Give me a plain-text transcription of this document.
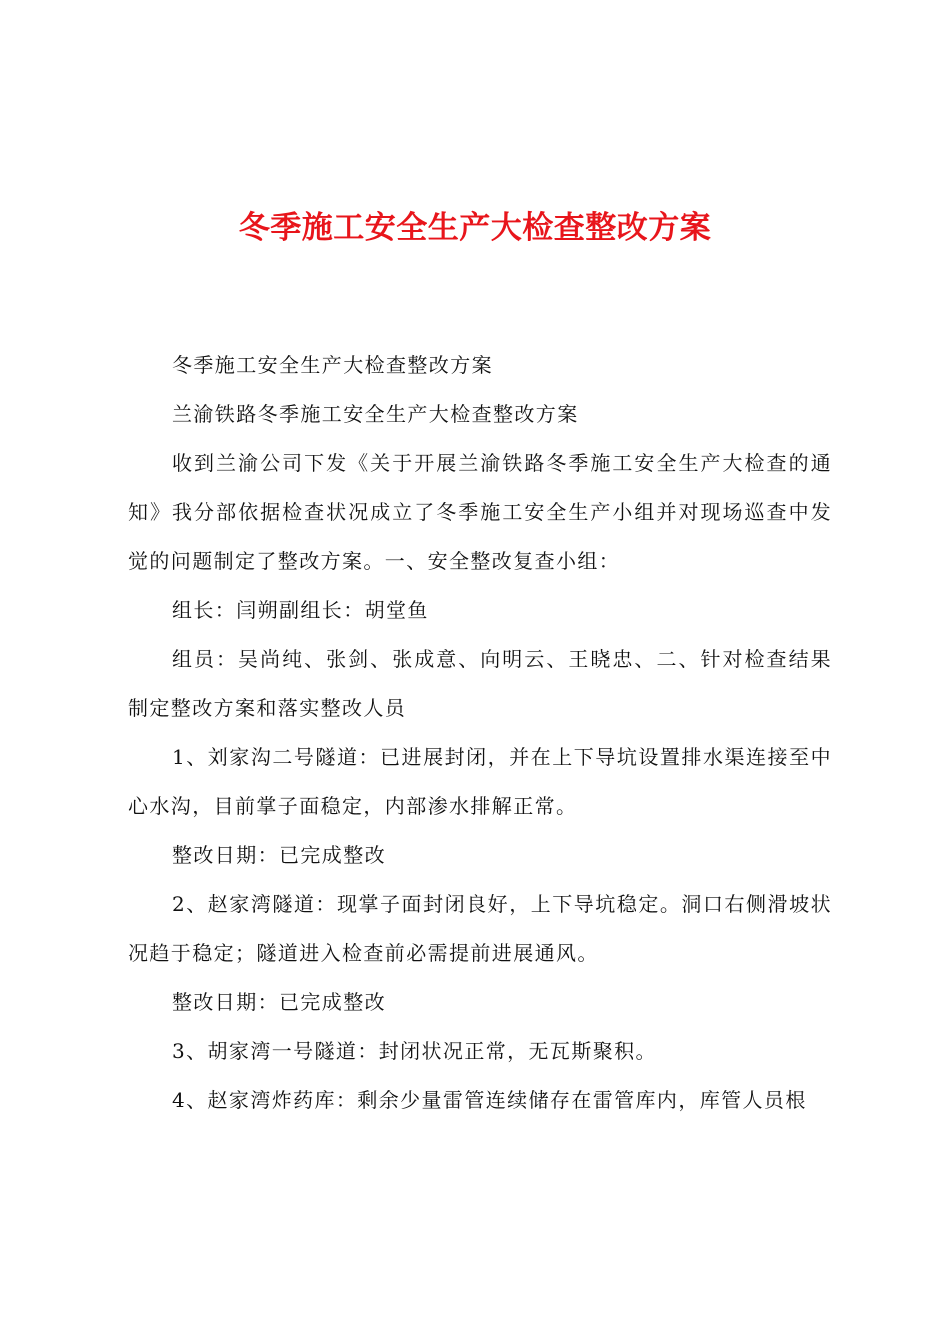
冬季施工安全生产大检查整改方案

冬季施工安全生产大检查整改方案

兰渝铁路冬季施工安全生产大检查整改方案

收到兰渝公司下发《关于开展兰渝铁路冬季施工安全生产大检查的通知》我分部依据检查状况成立了冬季施工安全生产小组并对现场巡查中发觉的问题制定了整改方案。一、安全整改复查小组：

组长：闫朔副组长：胡堂鱼

组员：吴尚纯、张剑、张成意、向明云、王晓忠、二、针对检查结果制定整改方案和落实整改人员

1、刘家沟二号隧道：已进展封闭，并在上下导坑设置排水渠连接至中心水沟，目前掌子面稳定，内部渗水排解正常。

整改日期：已完成整改

2、赵家湾隧道：现掌子面封闭良好，上下导坑稳定。洞口右侧滑坡状况趋于稳定；隧道进入检查前必需提前进展通风。

整改日期：已完成整改

3、胡家湾一号隧道：封闭状况正常，无瓦斯聚积。

4、赵家湾炸药库：剩余少量雷管连续储存在雷管库内，库管人员根
